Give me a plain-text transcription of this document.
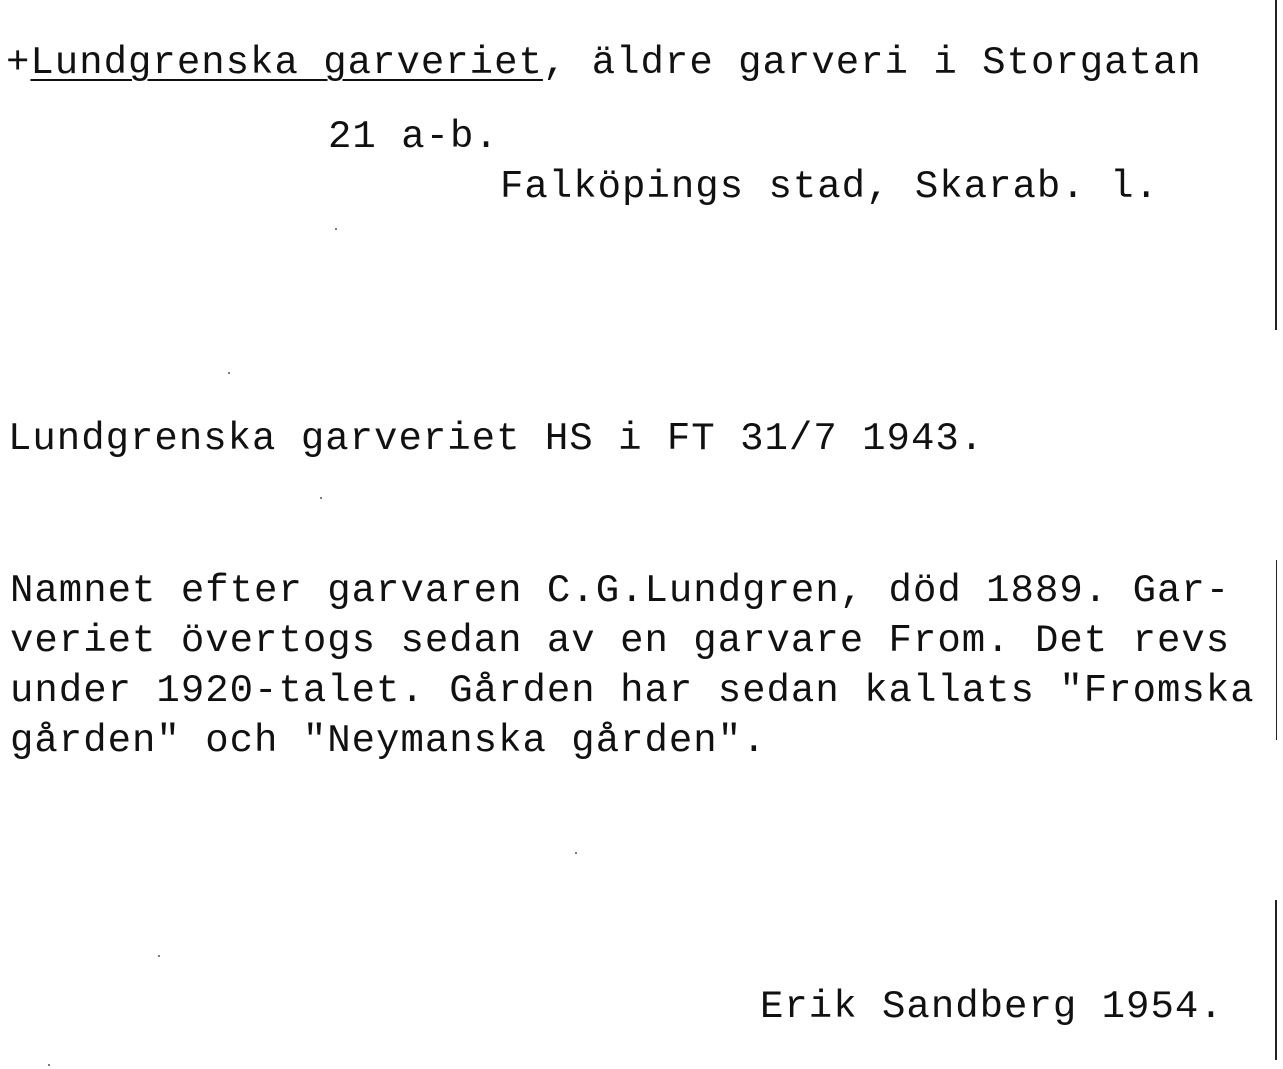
+Lundgrenska garveriet, äldre garveri i Storgatan
21 a-b.
Falköpings stad, Skarab. l.
Lundgrenska garveriet HS i FT 31/7 1943.
Namnet efter garvaren C.G.Lundgren, död 1889. Gar-
veriet övertogs sedan av en garvare From. Det revs
under 1920-talet. Gården har sedan kallats "Fromska
gården" och "Neymanska gården".
Erik Sandberg 1954.
